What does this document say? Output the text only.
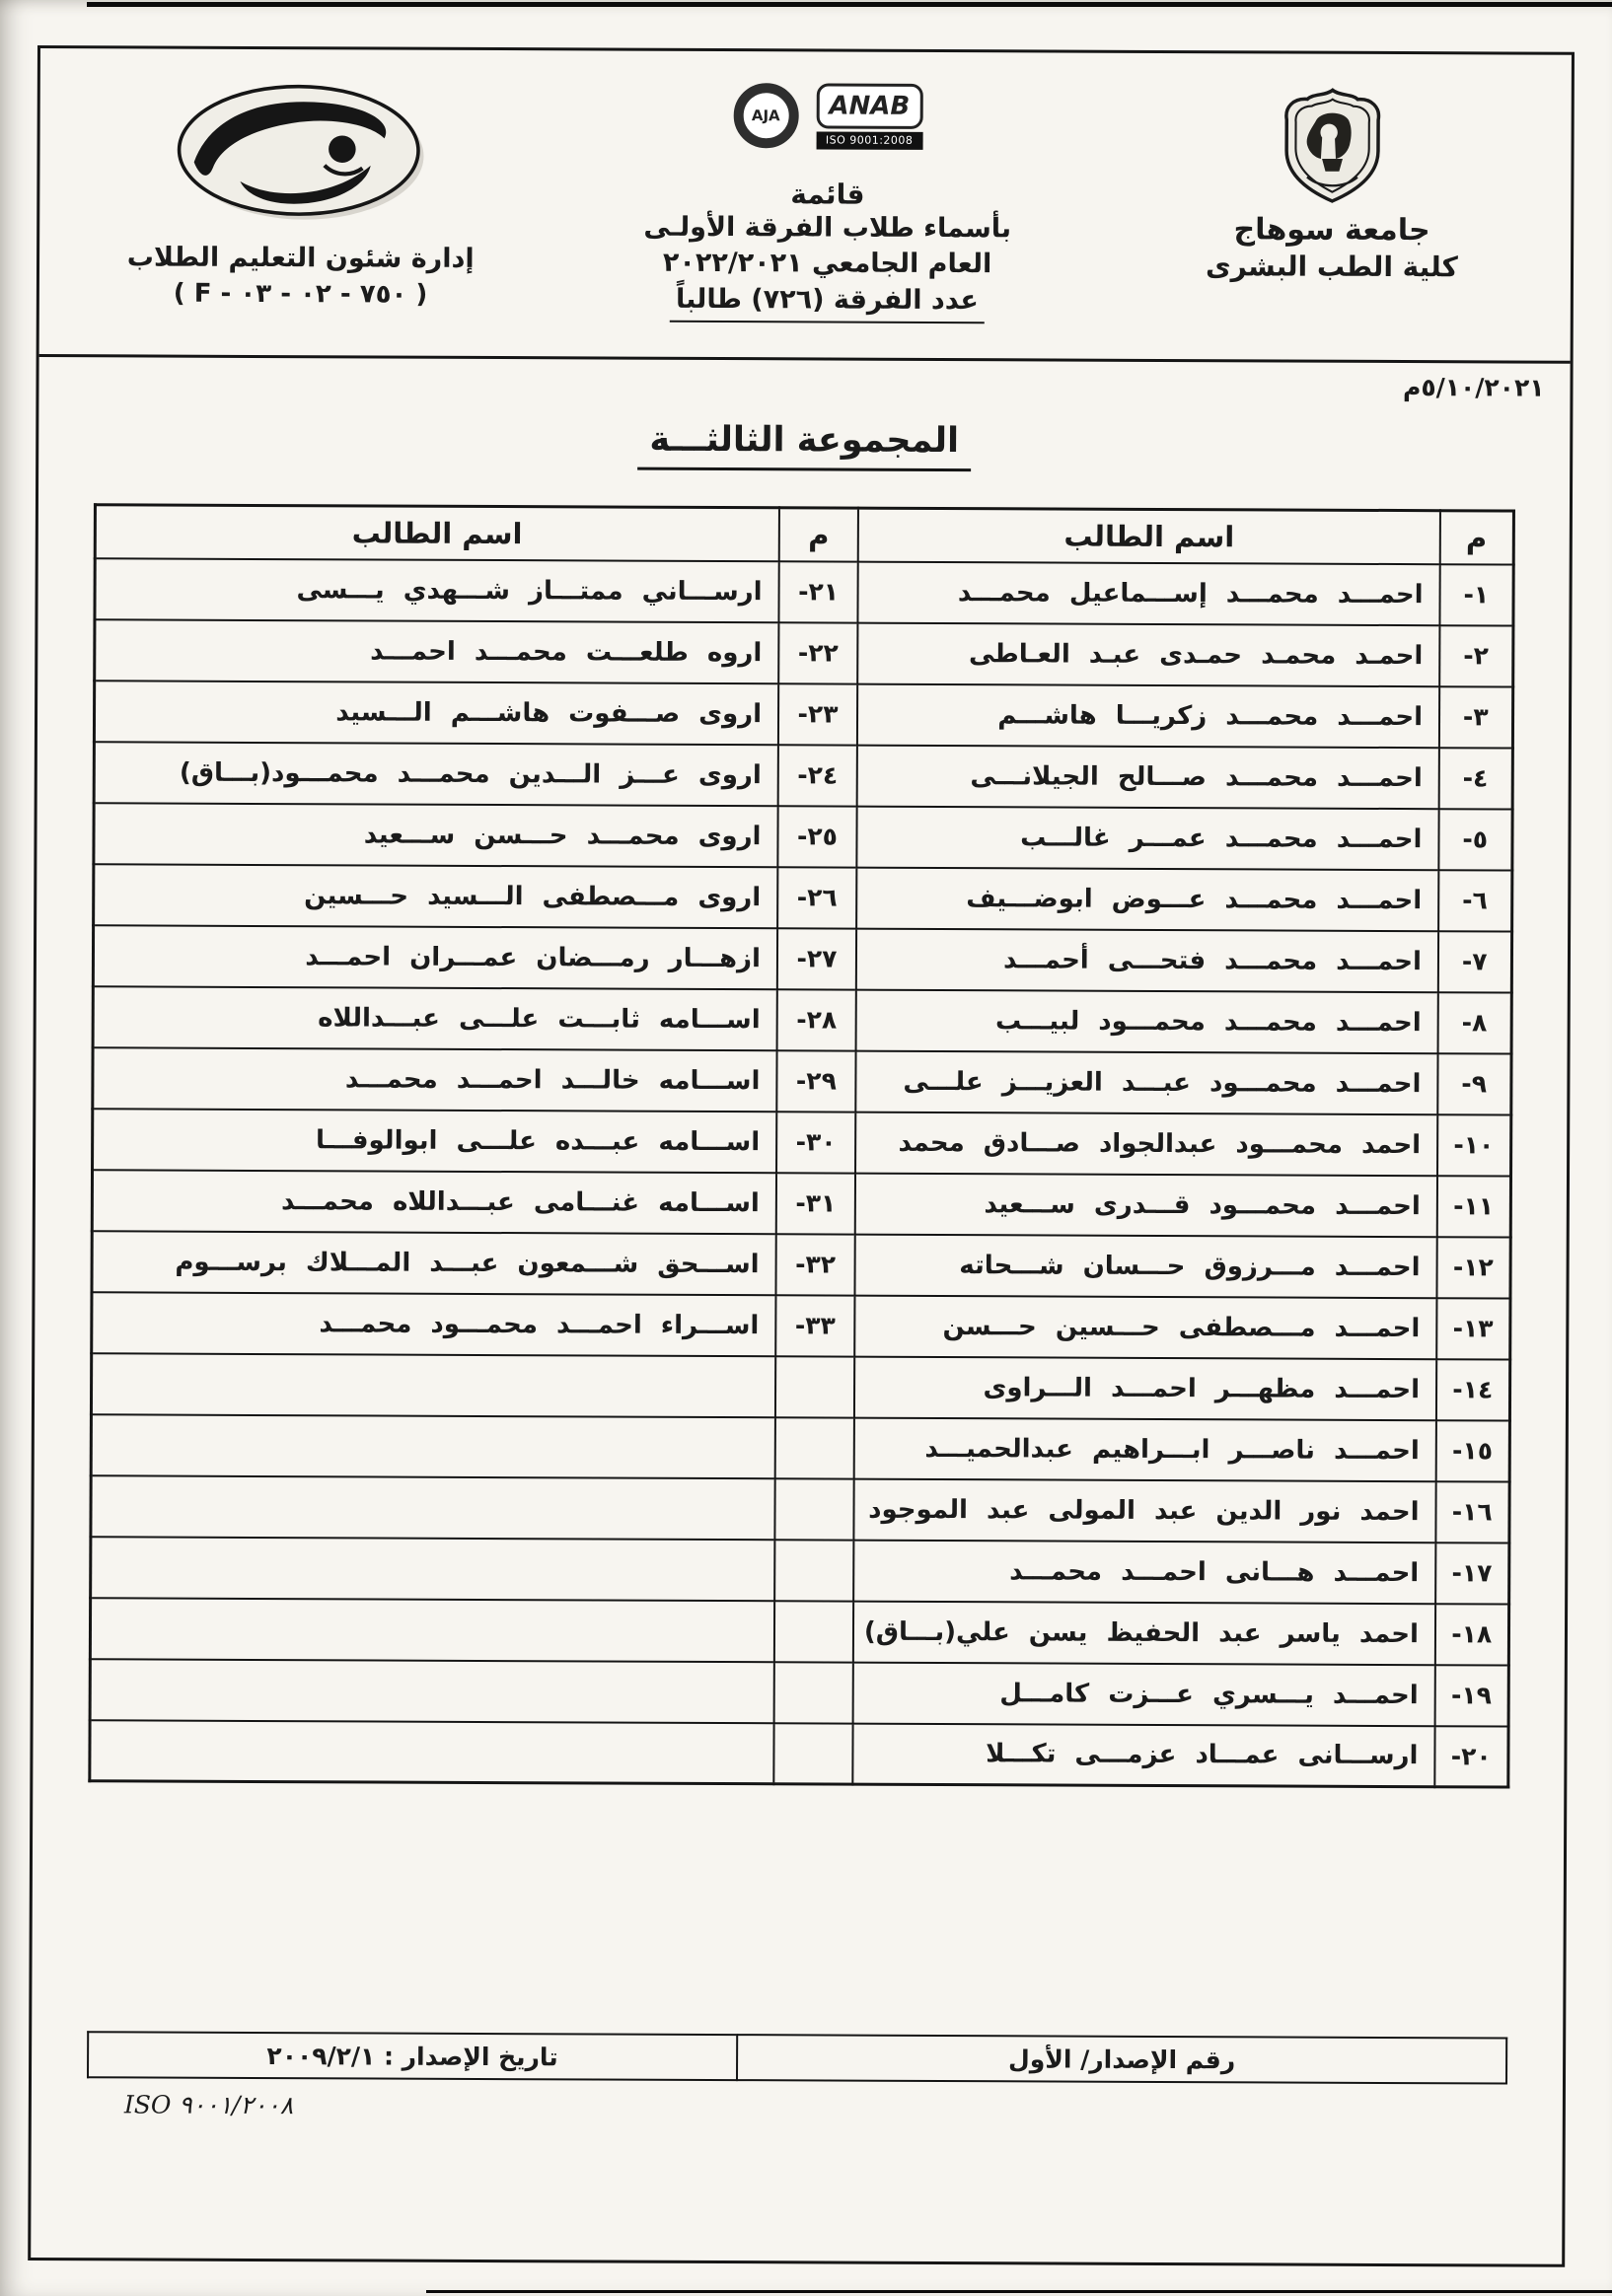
جامعة سوهاج
كلية الطب البشرى
ANAB
ISO 9001:2008
AJA
قائمة
بأسماء طلاب الفرقة الأولـى
العام الجامعي ٢٠٢٢/٢٠٢١
عدد الفرقة (٧٢٦) طالباً
إدارة شئون التعليم الطلاب
( F - ٧٥٠ - ٠٢ - ٠٣ )
٥/١٠/٢٠٢١م
المجموعة الثالثـــة
م	اسم الطالب	م	اسم الطالب
١-	احمـــد محمـــد إســـماعيل محمـــد	٢١-	ارســـاني ممتـــاز شـــهدي يـــسى
٢-	احمـد محمـد حمـدى عبـد العـاطى	٢٢-	اروه طلعـــت محمـــد احمـــد
٣-	احمـــد محمـــد زكريـــا هاشـــم	٢٣-	اروى صـــفوت هاشـــم الـــسيد
٤-	احمـــد محمـــد صـــالح الجيلانـــى	٢٤-	اروى عـــز الـــدين محمـــد محمـــود(بـــاق)
٥-	احمـــد محمـــد عمـــر غالـــب	٢٥-	اروى محمـــد حـــسن ســـعيد
٦-	احمـــد محمـــد عـــوض ابوضـــيف	٢٦-	اروى مـــصطفى الـــسيد حـــسين
٧-	احمـــد محمـــد فتحـــى أحمـــد	٢٧-	ازهـــار رمـــضان عمـــران احمـــد
٨-	احمـــد محمـــد محمـــود لبيـــب	٢٨-	اســـامه ثابـــت علـــى عبـــداللاه
٩-	احمـــد محمـــود عبـــد العزيـــز علـــى	٢٩-	اســـامه خالـــد احمـــد محمـــد
١٠-	احمد محمـــود عبدالجواد صـــادق محمد	٣٠-	اســـامه عبـــده علـــى ابوالوفـــا
١١-	احمـــد محمـــود قـــدرى ســـعيد	٣١-	اســـامه غنـــامى عبـــداللاه محمـــد
١٢-	احمـــد مـــرزوق حـــسان شـــحاته	٣٢-	اســـحق شـــمعون عبـــد المـــلاك برســـوم
١٣-	احمـــد مـــصطفى حـــسين حـــسن	٣٣-	اســـراء احمـــد محمـــود محمـــد
١٤-	احمـــد مظهـــر احمـــد الـــراوى		
١٥-	احمـــد ناصـــر ابـــراهيم عبدالحميـــد		
١٦-	احمد نور الدين عبد المولى عبد الموجود		
١٧-	احمـــد هـــانى احمـــد محمـــد		
١٨-	احمد ياسر عبد الحفيظ يسن علي(بـــاق)		
١٩-	احمـــد يـــسري عـــزت كامـــل		
٢٠-	ارســـانى عمـــاد عزمـــى تكـــلا		
رقم الإصدار/ الأول	تاريخ الإصدار : ٢٠٠٩/٢/١
ISO ٩٠٠١/٢٠٠٨
